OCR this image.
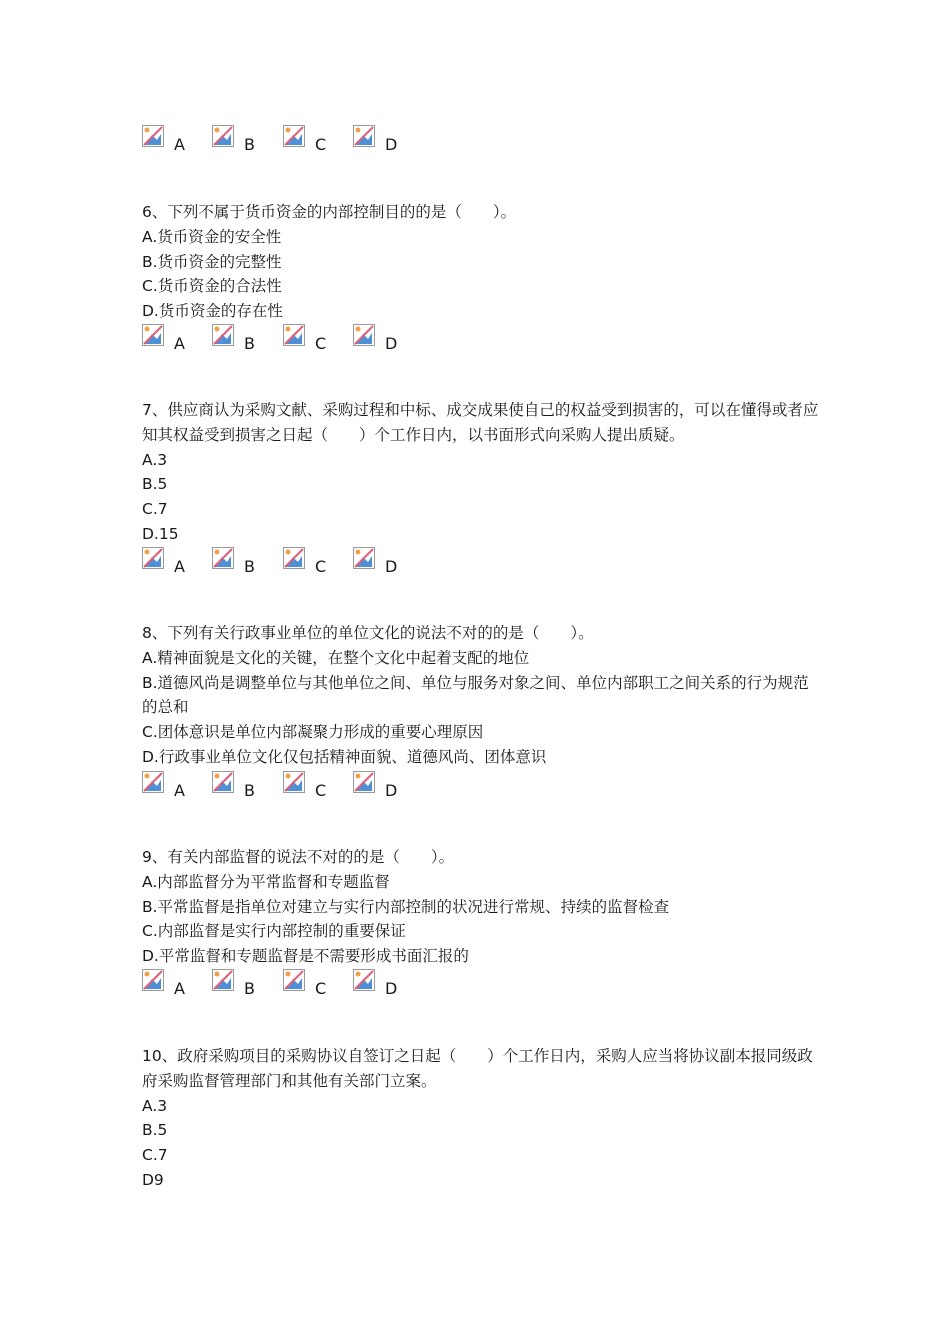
A	B	C	D
6、下列不属于货币资金的内部控制目的的是（　　）。
A.货币资金的安全性
B.货币资金的完整性
C.货币资金的合法性
D.货币资金的存在性
A	B	C	D
7、供应商认为采购文献、采购过程和中标、成交成果使自己的权益受到损害的，可以在懂得或者应知其权益受到损害之日起（　　）个工作日内，以书面形式向采购人提出质疑。
A.3
B.5
C.7
D.15
A	B	C	D
8、下列有关行政事业单位的单位文化的说法不对的的是（　　）。
A.精神面貌是文化的关键，在整个文化中起着支配的地位
B.道德风尚是调整单位与其他单位之间、单位与服务对象之间、单位内部职工之间关系的行为规范的总和
C.团体意识是单位内部凝聚力形成的重要心理原因
D.行政事业单位文化仅包括精神面貌、道德风尚、团体意识
A	B	C	D
9、有关内部监督的说法不对的的是（　　）。
A.内部监督分为平常监督和专题监督
B.平常监督是指单位对建立与实行内部控制的状况进行常规、持续的监督检查
C.内部监督是实行内部控制的重要保证
D.平常监督和专题监督是不需要形成书面汇报的
A	B	C	D
10、政府采购项目的采购协议自签订之日起（　　）个工作日内，采购人应当将协议副本报同级政府采购监督管理部门和其他有关部门立案。
A.3
B.5
C.7
D9
